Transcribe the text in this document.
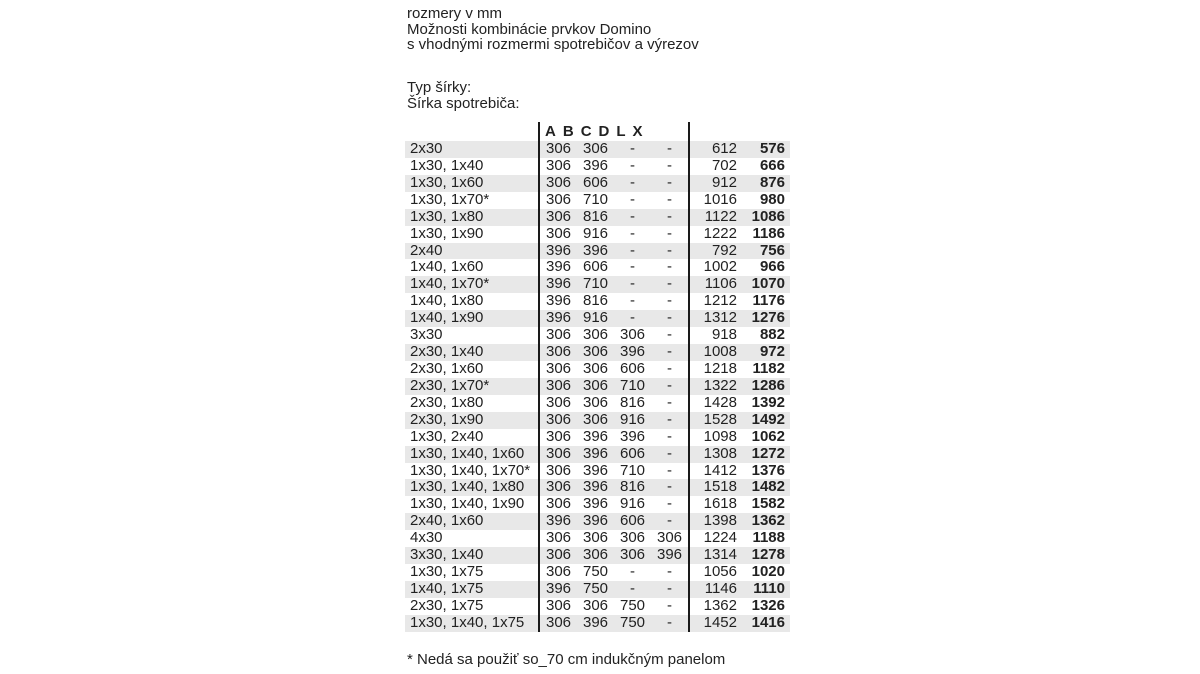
rozmery v mm
Možnosti kombinácie prvkov Domino
s vhodnými rozmermi spotrebičov a výrezov
Typ šírky:
Šírka spotrebiča:
A B C D L X
2x30	306 306	-	-	612	576
1x30, 1x40	306 396	-	-	702	666
1x30, 1x60	306 606	-	-	912	876
1x30, 1x70*	306 710	-	-	1016	980
1x30, 1x80	306 816	-	-	1122 1086
1x30, 1x90	306 916	-	-	1222	1186
2x40	396 396	-	-	792	756
1x40, 1x60	396 606	-	-	1002	966
1x40, 1x70*	396 710	-	-	1106 1070
1x40, 1x80	396 816	-	-	1212	1176
1x40, 1x90	396 916	-	-	1312 1276
3x30	306 306 306	-	918	882
2x30, 1x40	306 306 396	-	1008	972
2x30, 1x60	306 306 606	-	1218	1182
2x30, 1x70*	306 306 710	-	1322 1286
2x30, 1x80	306 306 816	-	1428 1392
2x30, 1x90	306 306 916	-	1528 1492
1x30, 2x40	306 396 396	-	1098 1062
1x30, 1x40, 1x60	306 396 606	-	1308 1272
1x30, 1x40, 1x70*	306 396 710	-	1412 1376
1x30, 1x40, 1x80	306 396 816	-	1518 1482
1x30, 1x40, 1x90	306 396 916	-	1618 1582
2x40, 1x60	396 396 606	-	1398 1362
4x30	306 306 306 306	1224	1188
3x30, 1x40	306 306 306 396	1314 1278
1x30, 1x75	306 750	-	-	1056 1020
1x40, 1x75	396 750	-	-	1146	1110
2x30, 1x75	306 306 750	-	1362 1326
1x30, 1x40, 1x75	306 396 750	-	1452 1416
* Nedá sa použiť so_70 cm indukčným panelom
